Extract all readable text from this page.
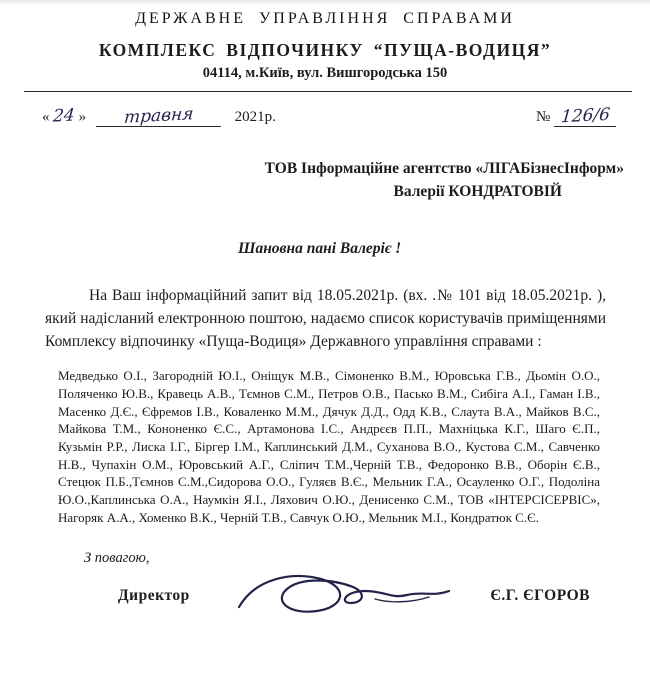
ДЕРЖАВНЕ УПРАВЛІННЯ СПРАВАМИ
КОМПЛЕКС ВІДПОЧИНКУ “ПУЩА-ВОДИЦЯ”
04114, м.Київ, вул. Вишгородська 150
« 24 » травня	2021р.	№ 126/6
ТОВ Інформаційне агентство «ЛІГАБізнесІнформ»
Валерії КОНДРАТОВІЙ
Шановна пані Валеріє !
На Ваш інформаційний запит від 18.05.2021р. (вх. .№ 101 від 18.05.2021р. ), який надісланий електронною поштою, надаємо список користувачів приміщеннями Комплексу відпочинку «Пуща-Водиця» Державного управління справами :
Медведько О.І., Загородній Ю.І., Оніщук М.В., Сімоненко В.М., Юровська Г.В., Дьомін О.О., Поляченко Ю.В., Кравець А.В., Тємнов С.М., Петров О.В., Пасько В.М., Сибіга А.І., Гаман І.В., Масенко Д.Є., Єфремов І.В., Коваленко М.М., Дячук Д.Д., Одд К.В., Слаута В.А., Майков В.С., Майкова Т.М., Кононенко Є.С., Артамонова І.С., Андрєєв П.П., Махніцька К.Г., Шаго Є.П., Кузьмін Р.Р., Лиска І.Г., Біргер І.М., Каплинський Д.М., Суханова В.О., Кустова С.М., Савченко Н.В., Чупахін О.М., Юровський А.Г., Сліпич Т.М.,Черній Т.В., Федоронко В.В., Оборін Є.В., Стецюк П.Б.,Тємнов С.М.,Сидорова О.О., Гуляєв В.Є., Мельник Г.А., Осауленко О.Г., Подоліна Ю.О.,Каплинська О.А., Наумкін Я.І., Ляхович О.Ю., Денисенко С.М., ТОВ «ІНТЕРСІСЕРВІС», Нагоряк А.А., Хоменко В.К., Черній Т.В., Савчук О.Ю., Мельник М.І., Кондратюк С.Є.
З повагою,
Директор	Є.Г. ЄГОРОВ
